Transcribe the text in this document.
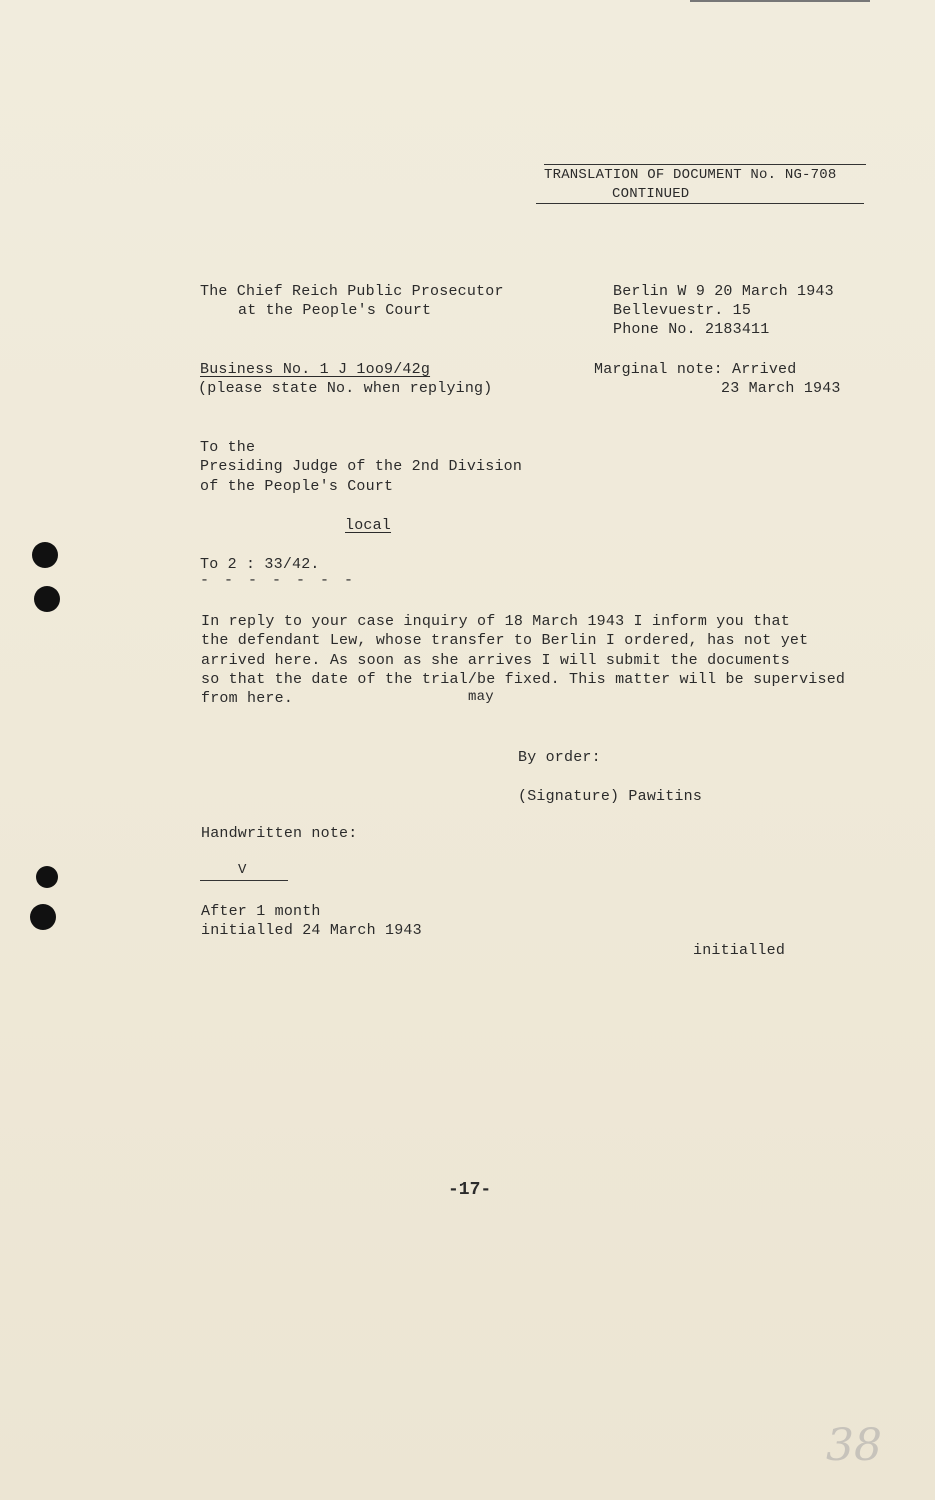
TRANSLATION OF DOCUMENT No. NG-708
CONTINUED
The Chief Reich Public Prosecutor
at the People's Court
Berlin W 9 20 March 1943
Bellevuestr. 15
Phone No. 2183411
Business No. 1 J 1oo9/42g
(please state No. when replying)
Marginal note: Arrived
23 March 1943
To the
Presiding Judge of the 2nd Division
of the People's Court
local
To 2 : 33/42.
- - - - - - -
In reply to your case inquiry of 18 March 1943 I inform you that
the defendant Lew, whose transfer to Berlin I ordered, has not yet
arrived here. As soon as she arrives I will submit the documents
so that the date of the trial/be fixed. This matter will be supervised
from here.	may
By order:
(Signature) Pawitins
Handwritten note:
V
After 1 month
initialled 24 March 1943
initialled
-17-
38
